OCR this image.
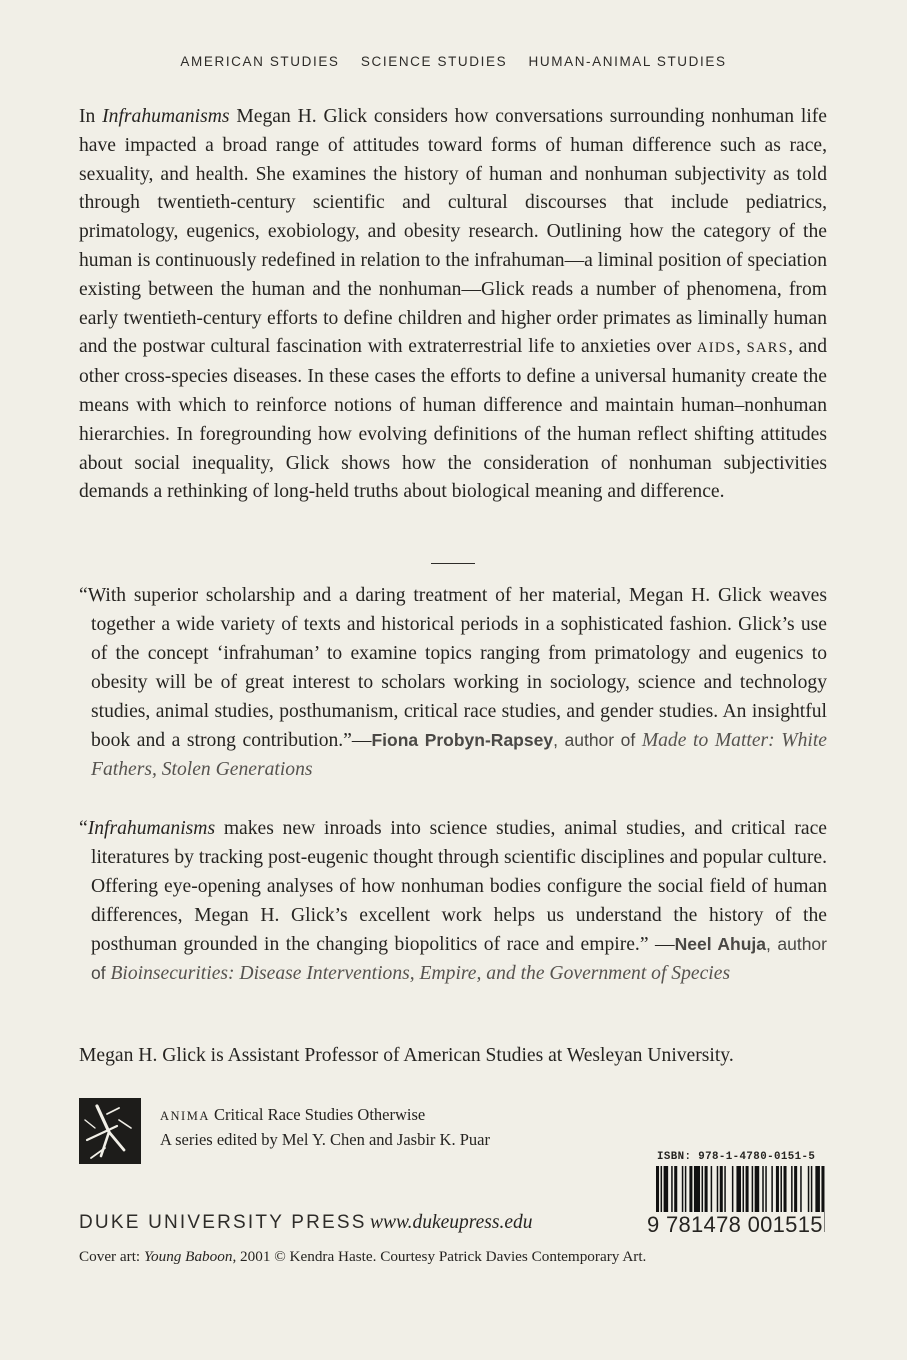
AMERICAN STUDIES SCIENCE STUDIES HUMAN-ANIMAL STUDIES

In Infrahumanisms Megan H. Glick considers how conversations surrounding nonhuman life have impacted a broad range of attitudes toward forms of human difference such as race, sexuality, and health. She examines the history of human and nonhuman subjectivity as told through twentieth-century scientific and cultural discourses that include pediatrics, primatology, eugenics, exobiology, and obesity research. Outlining how the category of the human is continuously redefined in relation to the infrahuman—a liminal position of speciation existing between the human and the nonhuman—Glick reads a number of phenomena, from early twentieth-century efforts to define children and higher order primates as liminally human and the postwar cultural fascination with extraterrestrial life to anxieties over AIDS, SARS, and other cross-species diseases. In these cases the efforts to define a universal humanity create the means with which to reinforce notions of human difference and maintain human–nonhuman hierarchies. In foregrounding how evolving definitions of the human reflect shifting attitudes about social inequality, Glick shows how the consideration of nonhuman subjectivities demands a rethinking of long-held truths about biological meaning and difference.

“With superior scholarship and a daring treatment of her material, Megan H. Glick weaves together a wide variety of texts and historical periods in a sophisticated fashion. Glick’s use of the concept ‘infrahuman’ to examine topics ranging from primatology and eugenics to obesity will be of great interest to scholars working in sociology, science and technology studies, animal studies, posthumanism, critical race studies, and gender studies. An insightful book and a strong contribution.”—Fiona Probyn-Rapsey, author of Made to Matter: White Fathers, Stolen Generations

“Infrahumanisms makes new inroads into science studies, animal studies, and critical race literatures by tracking post-eugenic thought through scientific disciplines and popular culture. Offering eye-opening analyses of how nonhuman bodies configure the social field of human differences, Megan H. Glick’s excellent work helps us understand the history of the posthuman grounded in the changing biopolitics of race and empire.” —Neel Ahuja, author of Bioinsecurities: Disease Interventions, Empire, and the Government of Species

Megan H. Glick is Assistant Professor of American Studies at Wesleyan University.

ANIMA Critical Race Studies Otherwise
A series edited by Mel Y. Chen and Jasbir K. Puar
DUKE UNIVERSITY PRESS www.dukeupress.edu
ISBN: 978-1-4780-0151-5
9 781478 001515
Cover art: Young Baboon, 2001 © Kendra Haste. Courtesy Patrick Davies Contemporary Art.
